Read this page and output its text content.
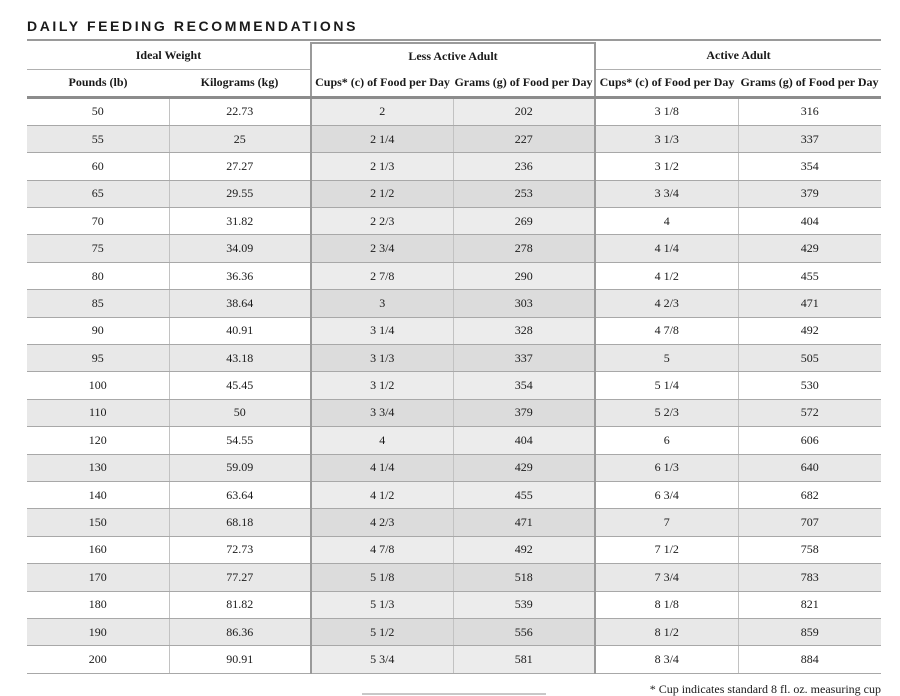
DAILY FEEDING RECOMMENDATIONS
Ideal Weight		Less Active Adult		Active Adult	
Pounds (lb)	Kilograms (kg)	Cups* (c) of Food per Day	Grams (g) of Food per Day	Cups* (c) of Food per Day	Grams (g) of Food per Day
50	22.73	2	202	3 1/8	316
55	25	2 1/4	227	3 1/3	337
60	27.27	2 1/3	236	3 1/2	354
65	29.55	2 1/2	253	3 3/4	379
70	31.82	2 2/3	269	4	404
75	34.09	2 3/4	278	4 1/4	429
80	36.36	2 7/8	290	4 1/2	455
85	38.64	3	303	4 2/3	471
90	40.91	3 1/4	328	4 7/8	492
95	43.18	3 1/3	337	5	505
100	45.45	3 1/2	354	5 1/4	530
110	50	3 3/4	379	5 2/3	572
120	54.55	4	404	6	606
130	59.09	4 1/4	429	6 1/3	640
140	63.64	4 1/2	455	6 3/4	682
150	68.18	4 2/3	471	7	707
160	72.73	4 7/8	492	7 1/2	758
170	77.27	5 1/8	518	7 3/4	783
180	81.82	5 1/3	539	8 1/8	821
190	86.36	5 1/2	556	8 1/2	859
200	90.91	5 3/4	581	8 3/4	884
* Cup indicates standard 8 fl. oz. measuring cup
